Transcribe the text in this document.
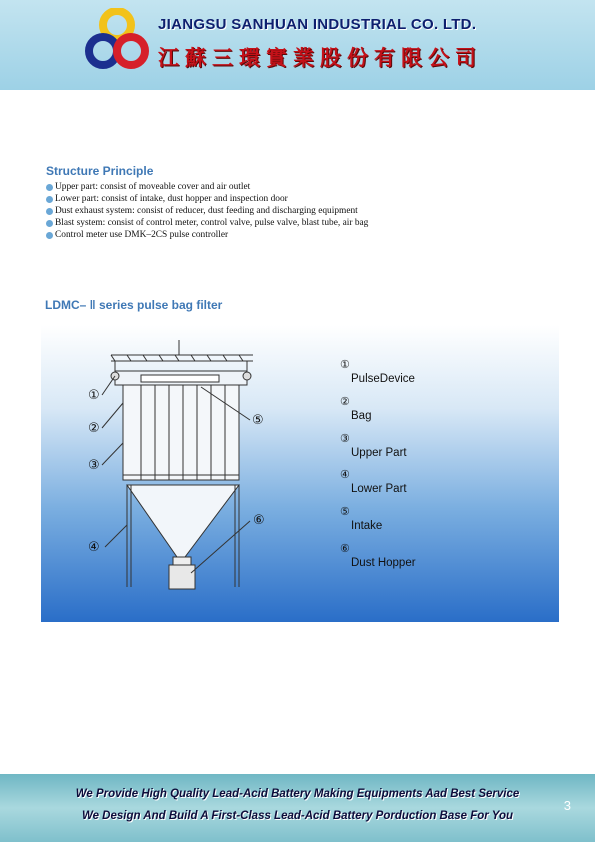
JIANGSU SANHUAN INDUSTRIAL CO. LTD.
江蘇三環實業股份有限公司
Structure Principle
Upper part: consist of moveable cover and air outlet
Lower part: consist of intake, dust hopper and inspection door
Dust exhaust system: consist of reducer, dust feeding and discharging equipment
Blast system: consist of control meter, control valve, pulse valve, blast tube, air bag
Control meter use DMK–2CS pulse controller
LDMC– ‖ series pulse bag filter
①
②
③
④
⑤
⑥
①
PulseDevice
②
Bag
③
Upper Part
④
Lower Part
⑤
Intake
⑥
Dust Hopper
We Provide High Quality Lead-Acid Battery Making Equipments Aad Best Service
We Design And Build A First-Class Lead-Acid Battery Porduction Base For You
3
